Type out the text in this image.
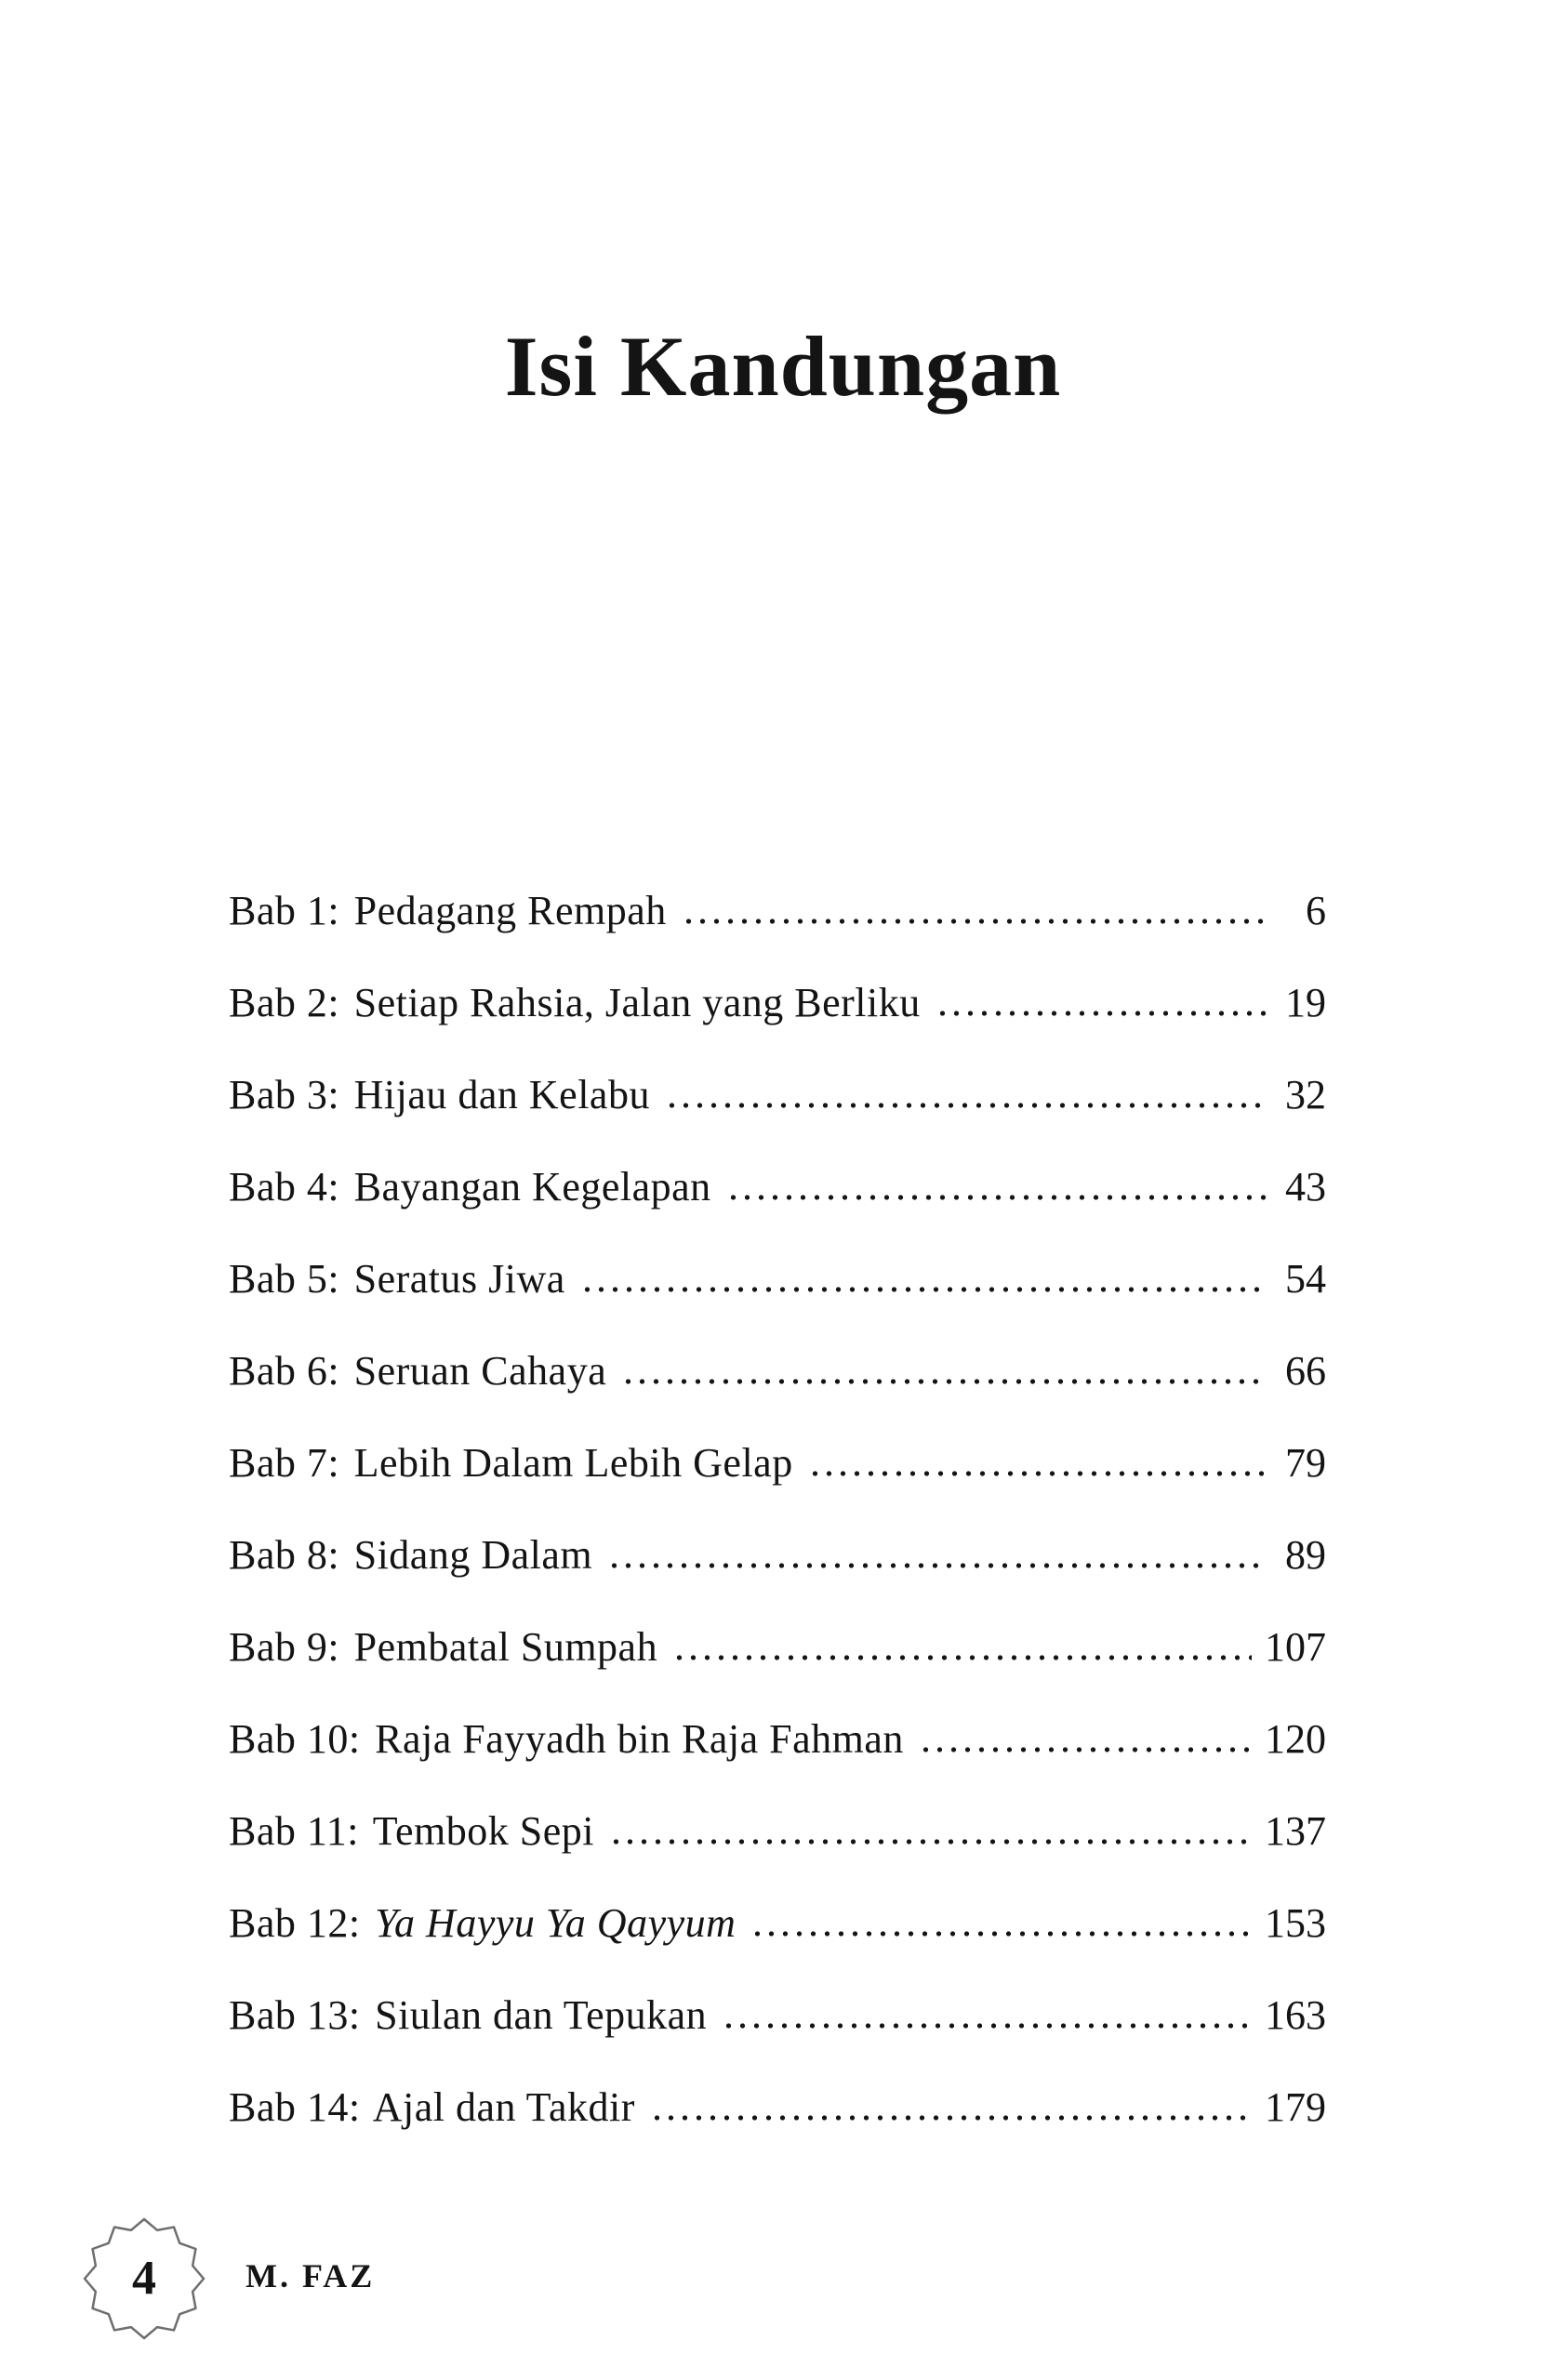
Isi Kandungan
Bab 1: Pedagang Rempah	6
Bab 2: Setiap Rahsia, Jalan yang Berliku	19
Bab 3: Hijau dan Kelabu	32
Bab 4: Bayangan Kegelapan	43
Bab 5: Seratus Jiwa	54
Bab 6: Seruan Cahaya	66
Bab 7: Lebih Dalam Lebih Gelap	79
Bab 8: Sidang Dalam	89
Bab 9: Pembatal Sumpah	107
Bab 10: Raja Fayyadh bin Raja Fahman	120
Bab 11: Tembok Sepi	137
Bab 12: Ya Hayyu Ya Qayyum	153
Bab 13: Siulan dan Tepukan	163
Bab 14: Ajal dan Takdir	179
4	M. FAZ
